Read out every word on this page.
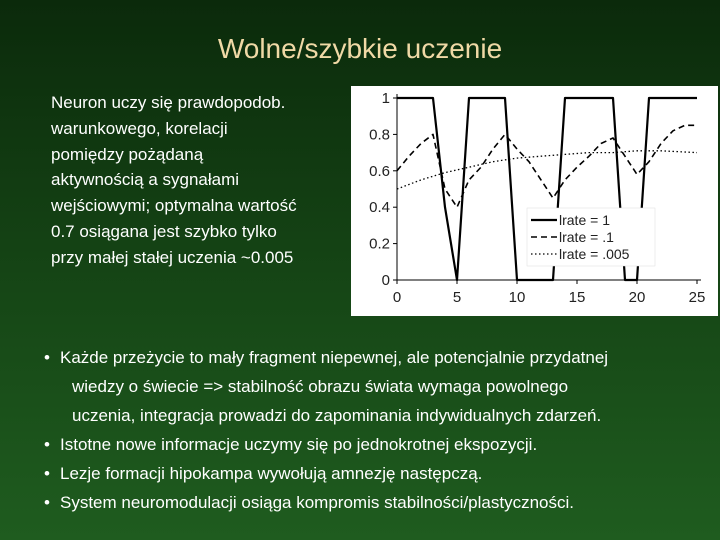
Wolne/szybkie uczenie
Neuron uczy się prawdopodob.
warunkowego, korelacji
pomiędzy pożądaną
aktywnością a sygnałami
wejściowymi; optymalna wartość
0.7 osiągana jest szybko tylko
przy małej stałej uczenia ~0.005
0
0.2
0.4
0.6
0.8
1
0	5	10	15	20	25
lrate = 1
lrate = .1
lrate = .005
• Każde przeżycie to mały fragment niepewnej, ale potencjalnie przydatnej
wiedzy o świecie => stabilność obrazu świata wymaga powolnego
uczenia, integracja prowadzi do zapominania indywidualnych zdarzeń.
• Istotne nowe informacje uczymy się po jednokrotnej ekspozycji.
• Lezje formacji hipokampa wywołują amnezję następczą.
• System neuromodulacji osiąga kompromis stabilności/plastyczności.
